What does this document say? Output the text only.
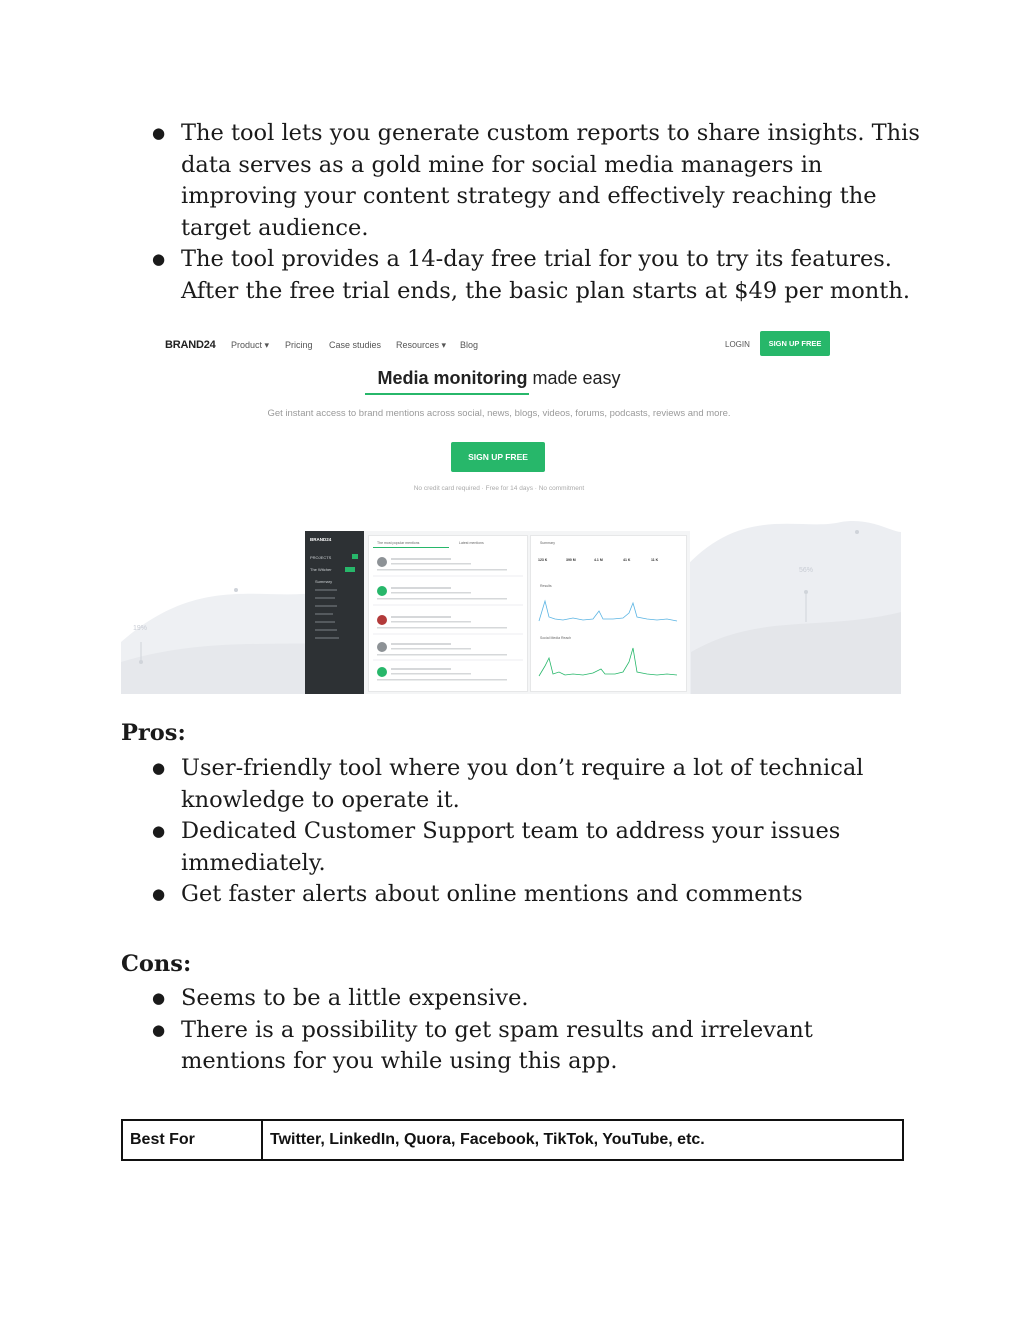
● The tool lets you generate custom reports to share insights. This data serves as a gold mine for social media managers in improving your content strategy and effectively reaching the target audience.
● The tool provides a 14-day free trial for you to try its features. After the free trial ends, the basic plan starts at $49 per month.
19%
56%
BRAND24 Product ▾ Pricing Case studies Resources ▾ Blog	LOGIN	SIGN UP FREE
Media monitoring made easy
Get instant access to brand mentions across social, news, blogs, videos, forums, podcasts, reviews and more.
SIGN UP FREE
No credit card required · Free for 14 days · No commitment
BRAND24
PROJECTS
The Witcher
Summary
The most popular mentions	Latest mentions	Summary
123 K	390 M	4.1 M	41 K	11 K
Results
Social Media Reach
Pros:
● User-friendly tool where you don’t require a lot of technical knowledge to operate it.
● Dedicated Customer Support team to address your issues immediately.
● Get faster alerts about online mentions and comments
Cons:
● Seems to be a little expensive.
● There is a possibility to get spam results and irrelevant mentions for you while using this app.
Best For	Twitter, LinkedIn, Quora, Facebook, TikTok, YouTube, etc.
